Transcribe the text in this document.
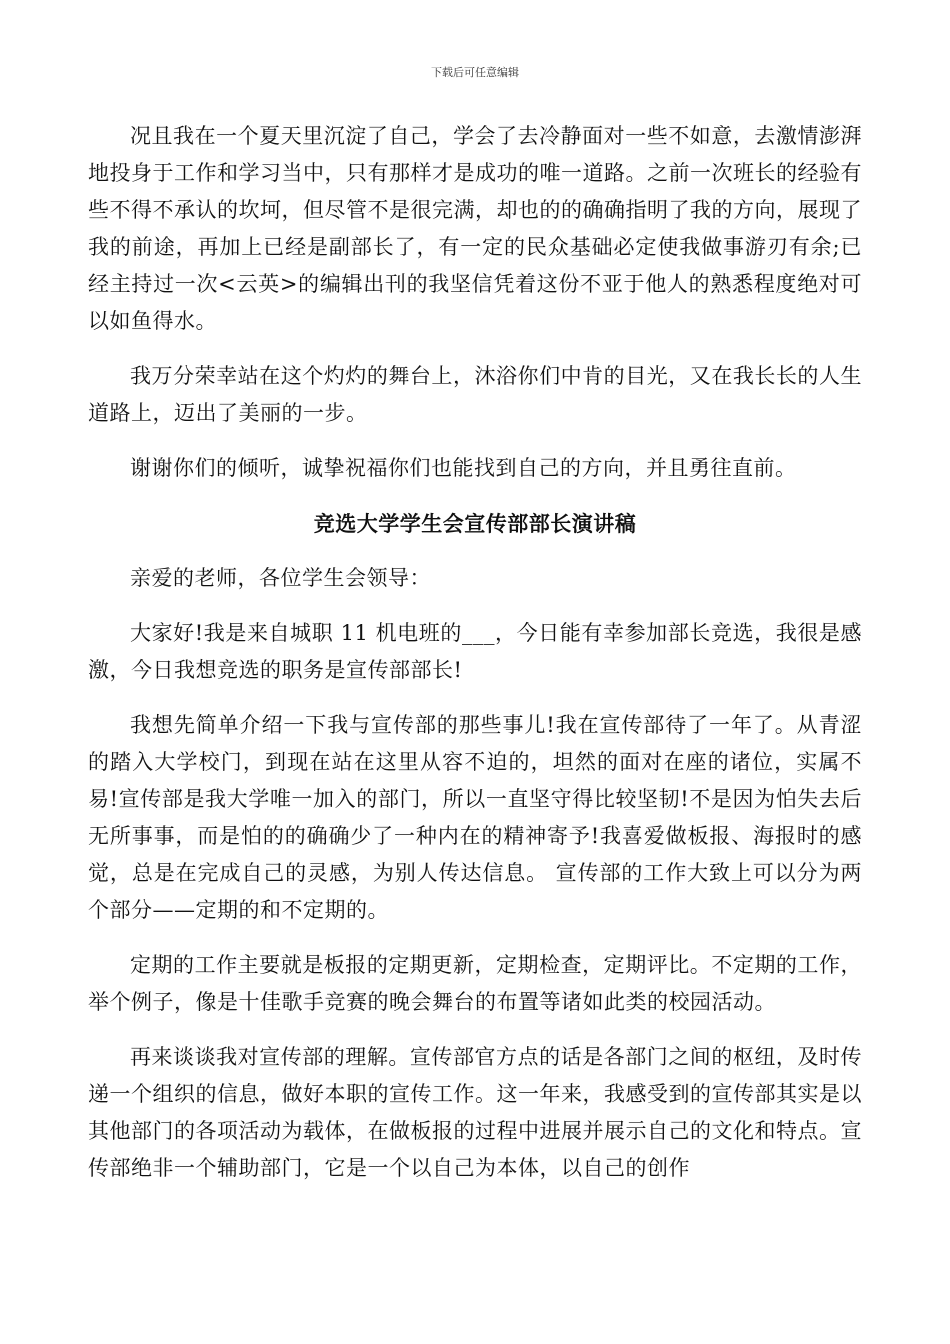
下载后可任意编辑

况且我在一个夏天里沉淀了自己，学会了去冷静面对一些不如意，去激情澎湃地投身于工作和学习当中，只有那样才是成功的唯一道路。之前一次班长的经验有些不得不承认的坎坷，但尽管不是很完满，却也的的确确指明了我的方向，展现了我的前途，再加上已经是副部长了，有一定的民众基础必定使我做事游刃有余;已经主持过一次<云英>的编辑出刊的我坚信凭着这份不亚于他人的熟悉程度绝对可以如鱼得水。

我万分荣幸站在这个灼灼的舞台上，沐浴你们中肯的目光，又在我长长的人生道路上，迈出了美丽的一步。

谢谢你们的倾听，诚挚祝福你们也能找到自己的方向，并且勇往直前。

竞选大学学生会宣传部部长演讲稿

亲爱的老师，各位学生会领导：

大家好!我是来自城职 11 机电班的___，今日能有幸参加部长竞选，我很是感激，今日我想竞选的职务是宣传部部长!

我想先简单介绍一下我与宣传部的那些事儿!我在宣传部待了一年了。从青涩的踏入大学校门，到现在站在这里从容不迫的，坦然的面对在座的诸位，实属不易!宣传部是我大学唯一加入的部门，所以一直坚守得比较坚韧!不是因为怕失去后无所事事，而是怕的的确确少了一种内在的精神寄予!我喜爱做板报、海报时的感觉，总是在完成自己的灵感，为别人传达信息。 宣传部的工作大致上可以分为两个部分——定期的和不定期的。

定期的工作主要就是板报的定期更新，定期检查，定期评比。不定期的工作，举个例子，像是十佳歌手竞赛的晚会舞台的布置等诸如此类的校园活动。

再来谈谈我对宣传部的理解。宣传部官方点的话是各部门之间的枢纽，及时传递一个组织的信息，做好本职的宣传工作。这一年来，我感受到的宣传部其实是以其他部门的各项活动为载体，在做板报的过程中进展并展示自己的文化和特点。宣传部绝非一个辅助部门，它是一个以自己为本体，以自己的创作
